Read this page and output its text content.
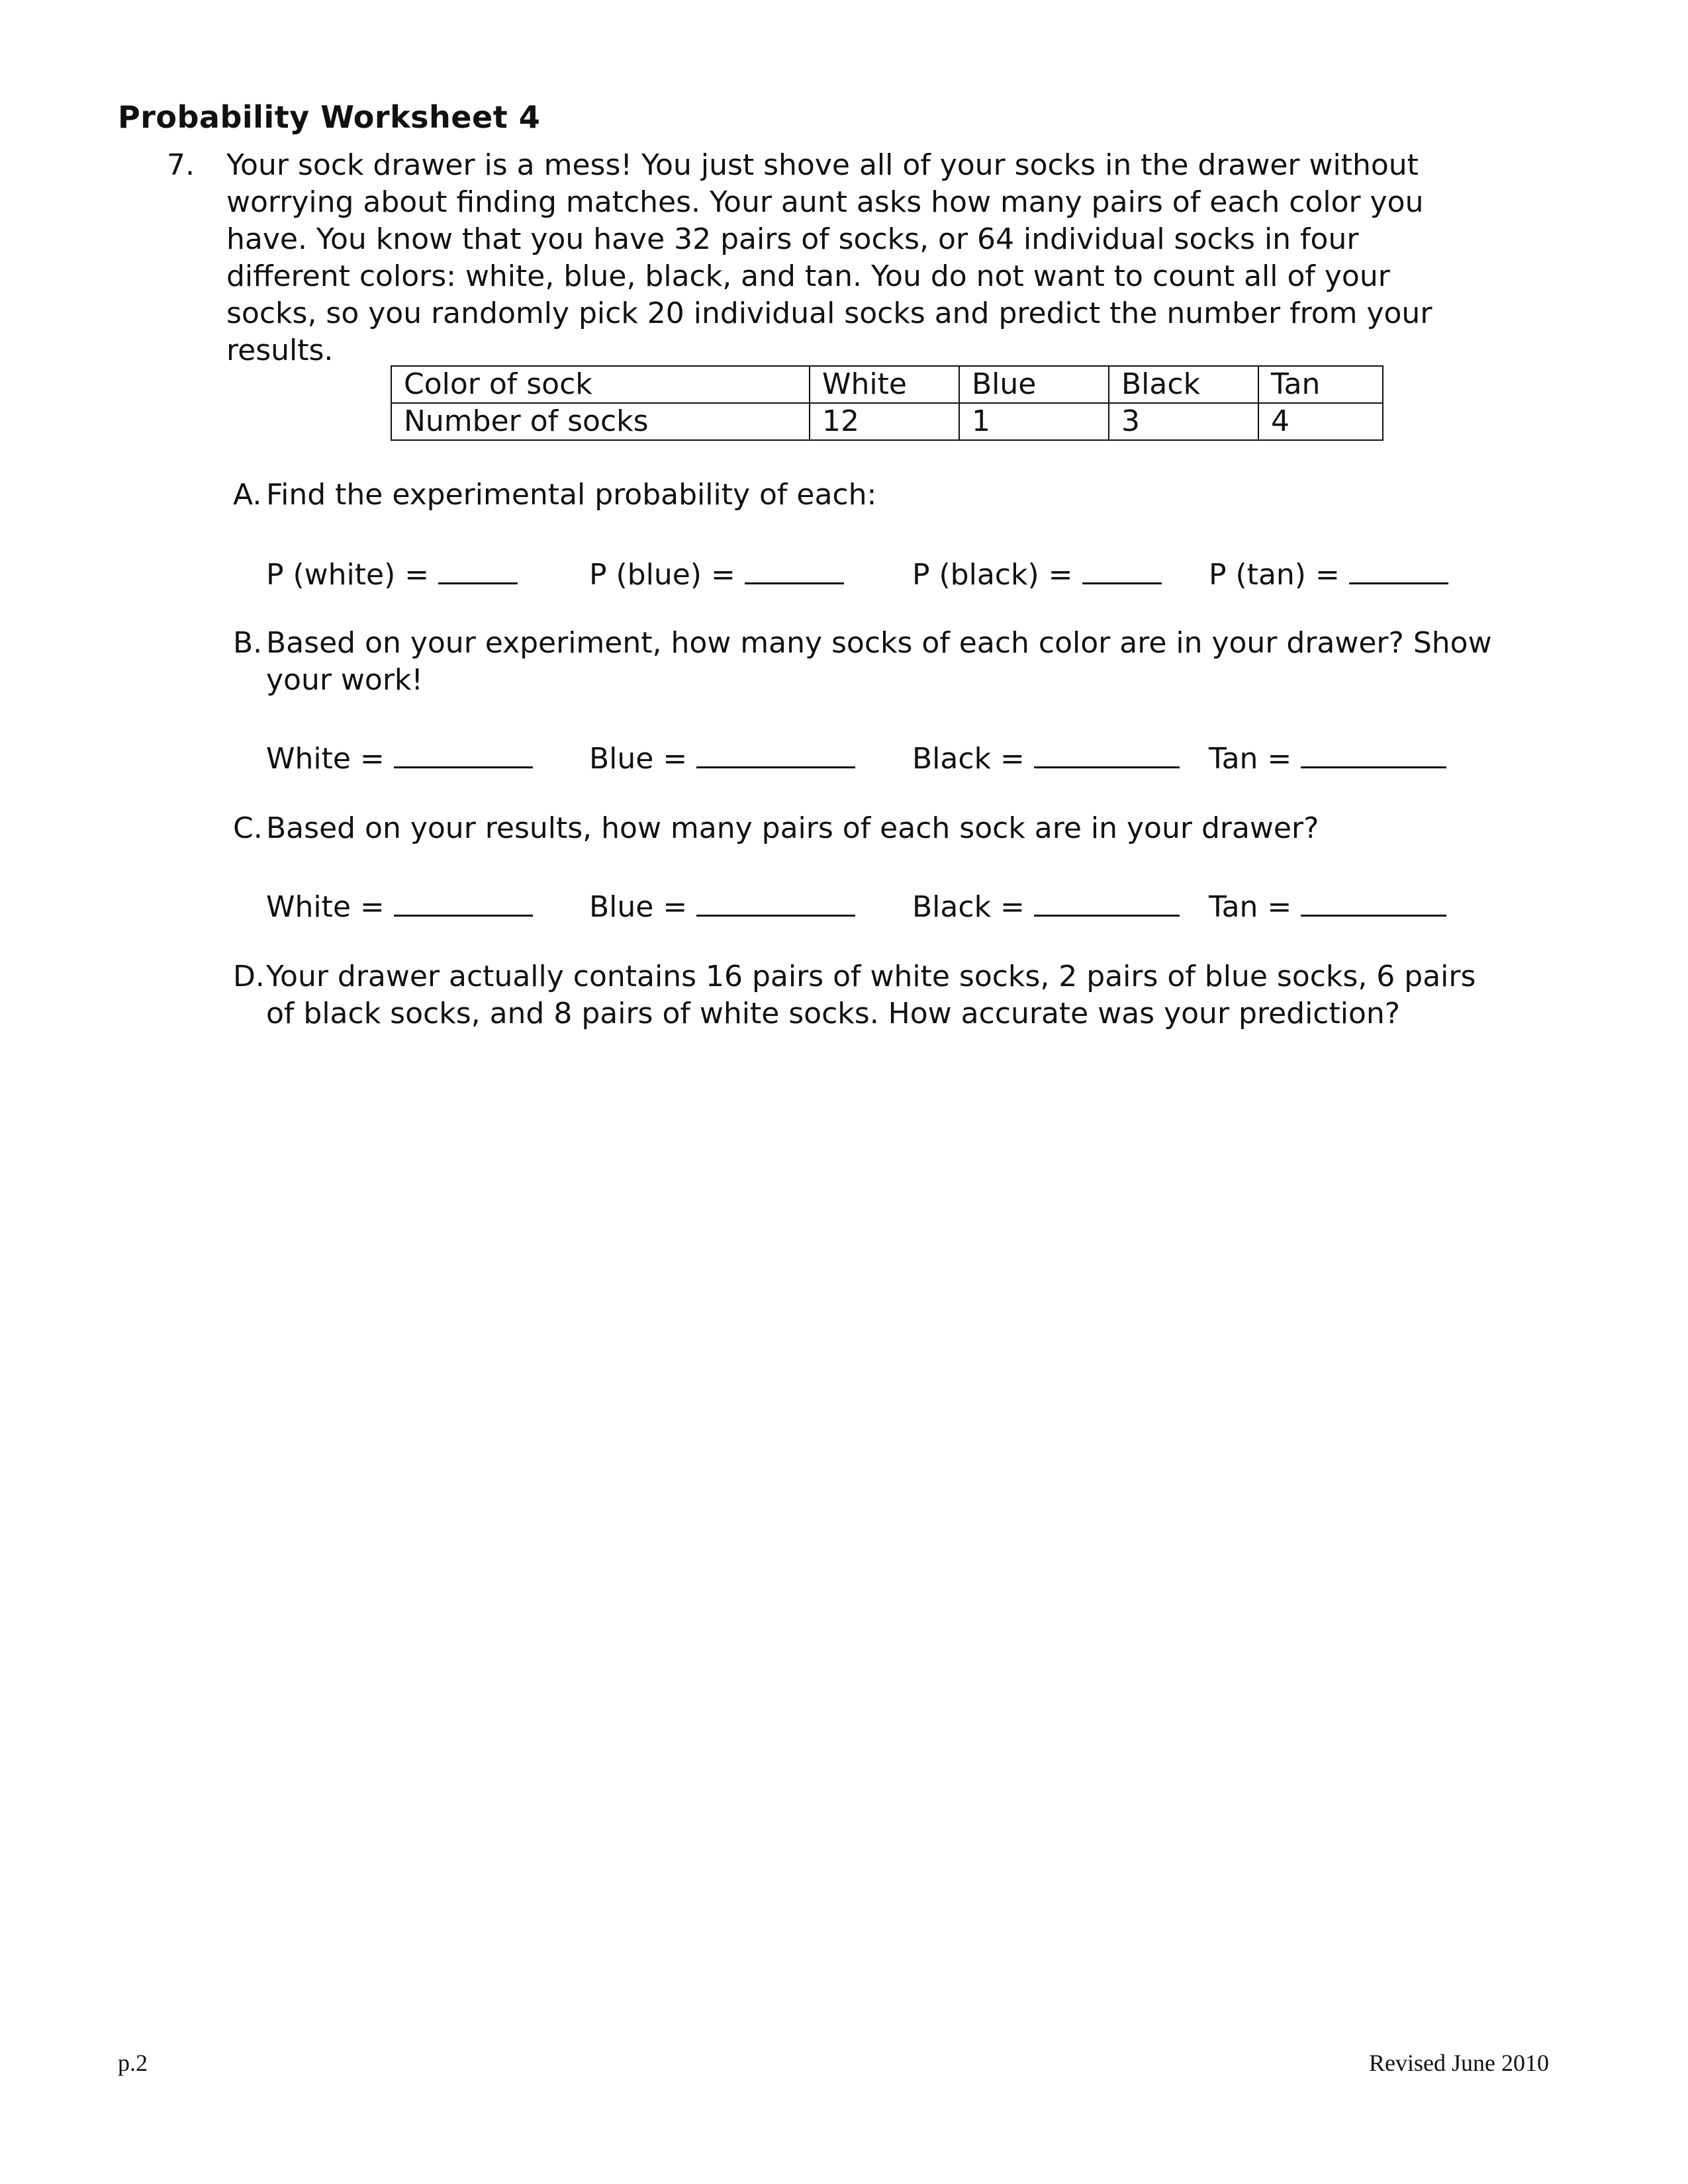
Probability Worksheet 4
7. Your sock drawer is a mess! You just shove all of your socks in the drawer without
worrying about finding matches. Your aunt asks how many pairs of each color you
have. You know that you have 32 pairs of socks, or 64 individual socks in four
different colors: white, blue, black, and tan. You do not want to count all of your
socks, so you randomly pick 20 individual socks and predict the number from your
results.
Color of sock	White	Blue	Black	Tan
Number of socks	12	1	3	4
A. Find the experimental probability of each:
P (white) =	P (blue) =	P (black) =	P (tan) =
B. Based on your experiment, how many socks of each color are in your drawer? Show
your work!
White =	Blue =	Black =	Tan =
C. Based on your results, how many pairs of each sock are in your drawer?
White =	Blue =	Black =	Tan =
D. Your drawer actually contains 16 pairs of white socks, 2 pairs of blue socks, 6 pairs
of black socks, and 8 pairs of white socks. How accurate was your prediction?
p.2	Revised June 2010
